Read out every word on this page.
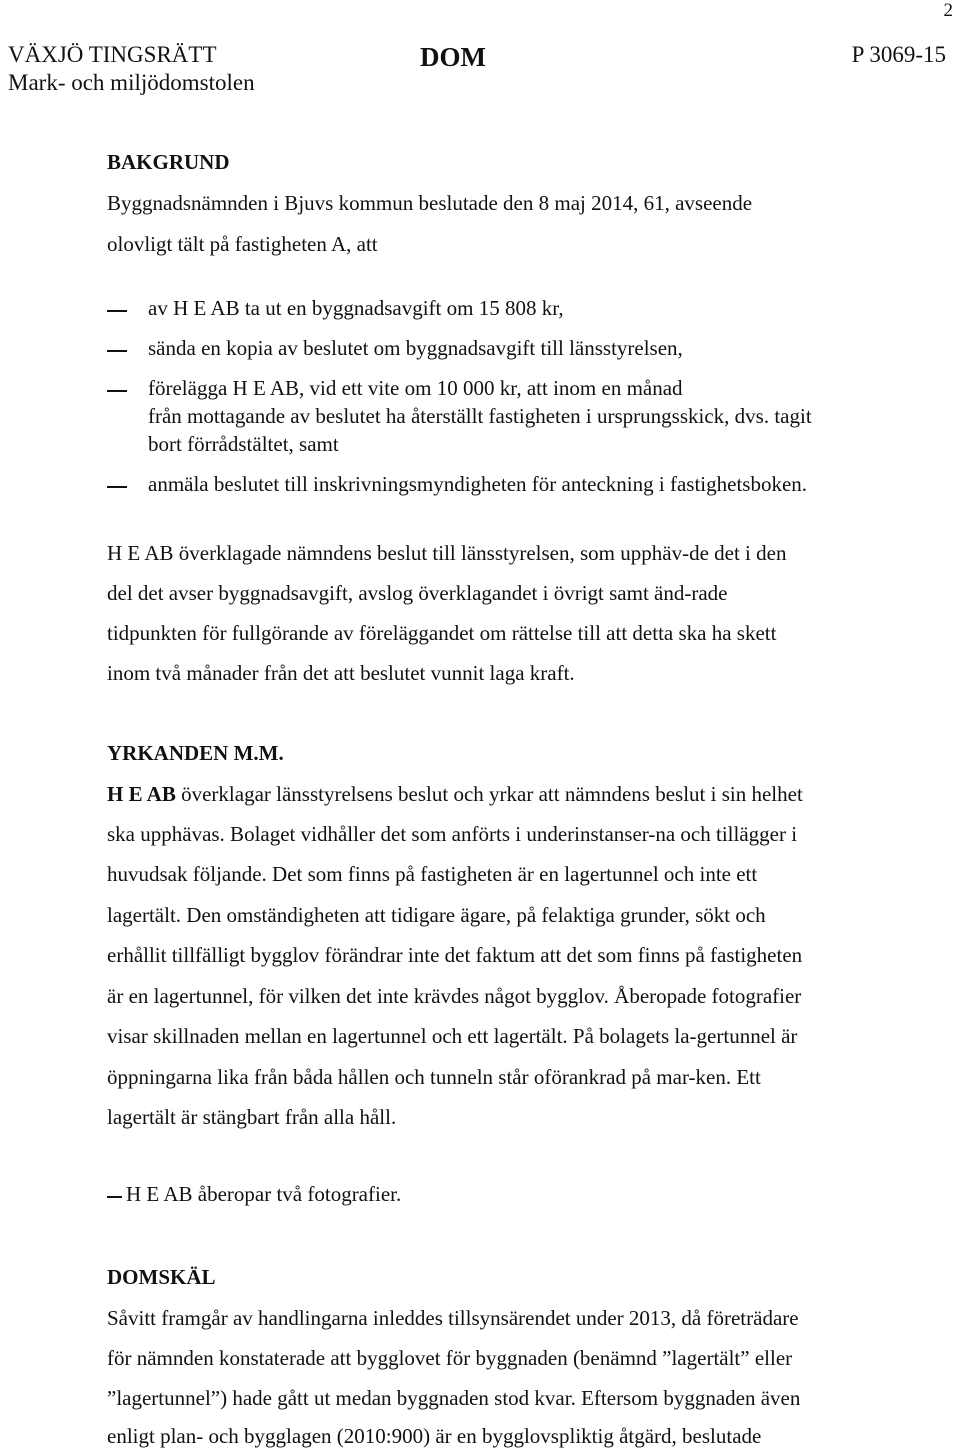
2
VÄXJÖ TINGSRÄTT
Mark- och miljödomstolen
DOM	P 3069-15
BAKGRUND
Byggnadsnämnden i Bjuvs kommun beslutade den 8 maj 2014, 61, avseende
olovligt tält på fastigheten A, att
av H E AB ta ut en byggnadsavgift om 15 808 kr,
sända en kopia av beslutet om byggnadsavgift till länsstyrelsen,
förelägga H E AB, vid ett vite om 10 000 kr, att inom en månad
från mottagande av beslutet ha återställt fastigheten i ursprungsskick, dvs. tagit
bort förrådstältet, samt
anmäla beslutet till inskrivningsmyndigheten för anteckning i fastighetsboken.
H E AB överklagade nämndens beslut till länsstyrelsen, som upphäv-de det i den
del det avser byggnadsavgift, avslog överklagandet i övrigt samt änd-rade
tidpunkten för fullgörande av föreläggandet om rättelse till att detta ska ha skett
inom två månader från det att beslutet vunnit laga kraft.
YRKANDEN M.M.
H E AB överklagar länsstyrelsens beslut och yrkar att nämndens beslut i sin helhet
ska upphävas. Bolaget vidhåller det som anförts i underinstanser-na och tillägger i
huvudsak följande. Det som finns på fastigheten är en lagertunnel och inte ett
lagertält. Den omständigheten att tidigare ägare, på felaktiga grunder, sökt och
erhållit tillfälligt bygglov förändrar inte det faktum att det som finns på fastigheten
är en lagertunnel, för vilken det inte krävdes något bygglov. Åberopade fotografier
visar skillnaden mellan en lagertunnel och ett lagertält. På bolagets la-gertunnel är
öppningarna lika från båda hållen och tunneln står oförankrad på mar-ken. Ett
lagertält är stängbart från alla håll.
H E AB åberopar två fotografier.
DOMSKÄL
Såvitt framgår av handlingarna inleddes tillsynsärendet under 2013, då företrädare
för nämnden konstaterade att bygglovet för byggnaden (benämnd ”lagertält” eller
”lagertunnel”) hade gått ut medan byggnaden stod kvar. Eftersom byggnaden även
enligt plan- och bygglagen (2010:900) är en bygglovspliktig åtgärd, beslutade
